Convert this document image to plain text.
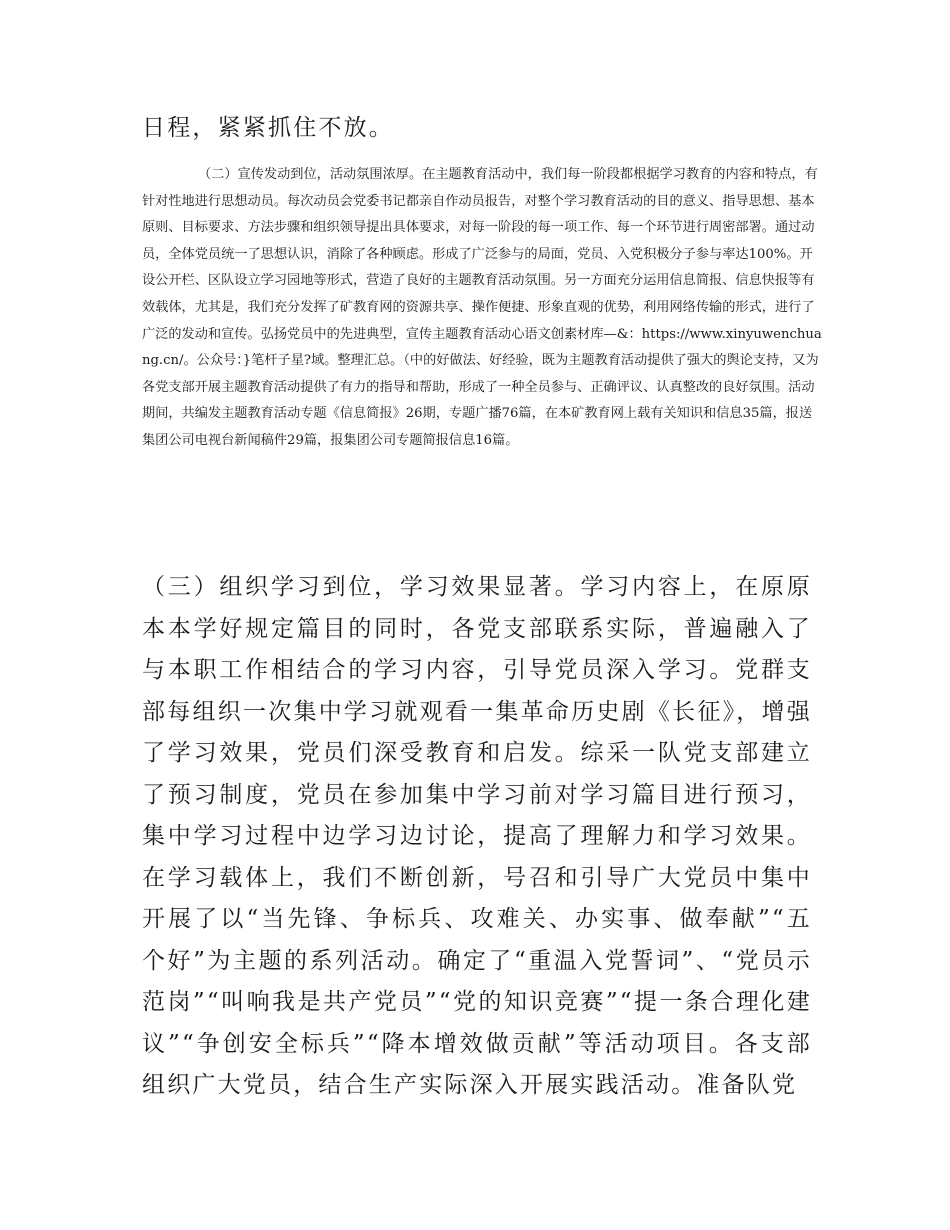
日程，紧紧抓住不放。

（二）宣传发动到位，活动氛围浓厚。在主题教育活动中，我们每一阶段都根据学习教育的内容和特点，有针对性地进行思想动员。每次动员会党委书记都亲自作动员报告，对整个学习教育活动的目的意义、指导思想、基本原则、目标要求、方法步骤和组织领导提出具体要求，对每一阶段的每一项工作、每一个环节进行周密部署。通过动员，全体党员统一了思想认识，消除了各种顾虑。形成了广泛参与的局面，党员、入党积极分子参与率达100%。开设公开栏、区队设立学习园地等形式，营造了良好的主题教育活动氛围。另一方面充分运用信息简报、信息快报等有效载体，尤其是，我们充分发挥了矿教育网的资源共享、操作便捷、形象直观的优势，利用网络传输的形式，进行了广泛的发动和宣传。弘扬党员中的先进典型，宣传主题教育活动心语文创素材库—&：https://www.xinyuwenchuang.cn/。公众号：}笔杆子星?域。整理汇总。（中的好做法、好经验，既为主题教育活动提供了强大的舆论支持，又为各党支部开展主题教育活动提供了有力的指导和帮助，形成了一种全员参与、正确评议、认真整改的良好氛围。活动期间，共编发主题教育活动专题《信息简报》26期，专题广播76篇，在本矿教育网上载有关知识和信息35篇，报送集团公司电视台新闻稿件29篇，报集团公司专题简报信息16篇。

（三）组织学习到位，学习效果显著。学习内容上，在原原本本学好规定篇目的同时，各党支部联系实际，普遍融入了与本职工作相结合的学习内容，引导党员深入学习。党群支部每组织一次集中学习就观看一集革命历史剧《长征》，增强了学习效果，党员们深受教育和启发。综采一队党支部建立了预习制度，党员在参加集中学习前对学习篇目进行预习，集中学习过程中边学习边讨论，提高了理解力和学习效果。在学习载体上，我们不断创新，号召和引导广大党员中集中开展了以“当先锋、争标兵、攻难关、办实事、做奉献”“五个好”为主题的系列活动。确定了“重温入党誓词”、“党员示范岗”“叫响我是共产党员”“党的知识竞赛”“提一条合理化建议”“争创安全标兵”“降本增效做贡献”等活动项目。各支部组织广大党员，结合生产实际深入开展实践活动。准备队党
